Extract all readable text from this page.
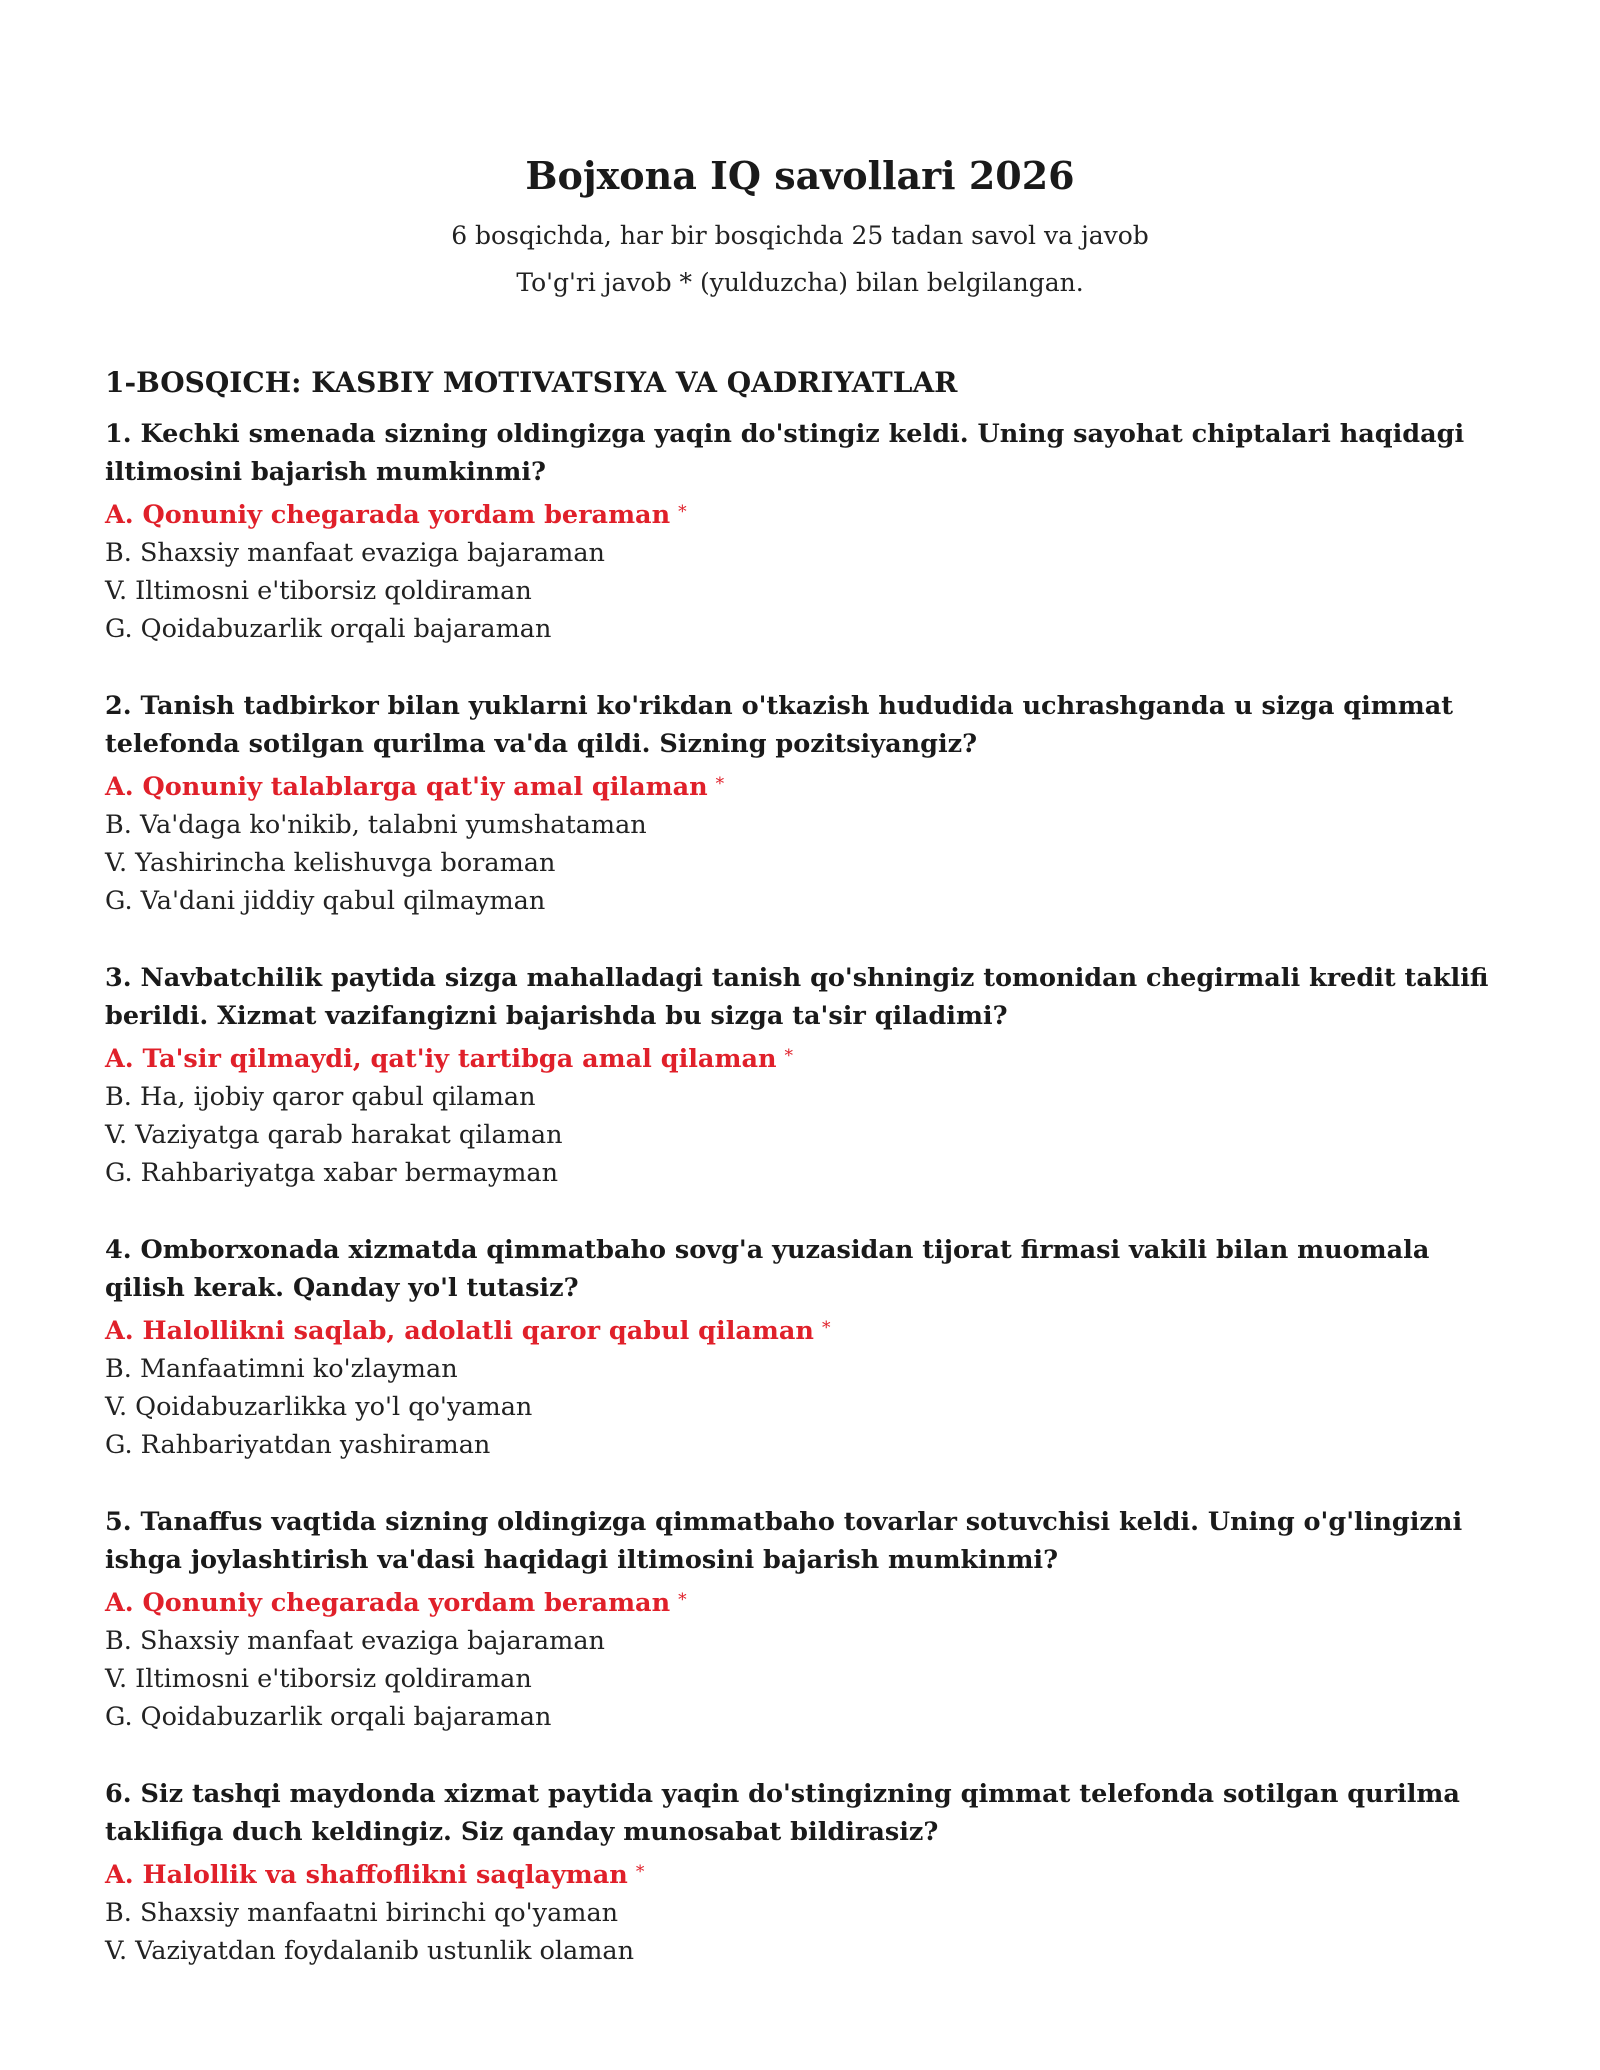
Bojxona IQ savollari 2026
6 bosqichda, har bir bosqichda 25 tadan savol va javob
To'g'ri javob * (yulduzcha) bilan belgilangan.
1-BOSQICH: KASBIY MOTIVATSIYA VA QADRIYATLAR
1. Kechki smenada sizning oldingizga yaqin do'stingiz keldi. Uning sayohat chiptalari haqidagi iltimosini bajarish mumkinmi?
A. Qonuniy chegarada yordam beraman *
B. Shaxsiy manfaat evaziga bajaraman
V. Iltimosni e'tiborsiz qoldiraman
G. Qoidabuzarlik orqali bajaraman
2. Tanish tadbirkor bilan yuklarni ko'rikdan o'tkazish hududida uchrashganda u sizga qimmat telefonda sotilgan qurilma va'da qildi. Sizning pozitsiyangiz?
A. Qonuniy talablarga qat'iy amal qilaman *
B. Va'daga ko'nikib, talabni yumshataman
V. Yashirincha kelishuvga boraman
G. Va'dani jiddiy qabul qilmayman
3. Navbatchilik paytida sizga mahalladagi tanish qo'shningiz tomonidan chegirmali kredit taklifi berildi. Xizmat vazifangizni bajarishda bu sizga ta'sir qiladimi?
A. Ta'sir qilmaydi, qat'iy tartibga amal qilaman *
B. Ha, ijobiy qaror qabul qilaman
V. Vaziyatga qarab harakat qilaman
G. Rahbariyatga xabar bermayman
4. Omborxonada xizmatda qimmatbaho sovg'a yuzasidan tijorat firmasi vakili bilan muomala qilish kerak. Qanday yo'l tutasiz?
A. Halollikni saqlab, adolatli qaror qabul qilaman *
B. Manfaatimni ko'zlayman
V. Qoidabuzarlikka yo'l qo'yaman
G. Rahbariyatdan yashiraman
5. Tanaffus vaqtida sizning oldingizga qimmatbaho tovarlar sotuvchisi keldi. Uning o'g'lingizni ishga joylashtirish va'dasi haqidagi iltimosini bajarish mumkinmi?
A. Qonuniy chegarada yordam beraman *
B. Shaxsiy manfaat evaziga bajaraman
V. Iltimosni e'tiborsiz qoldiraman
G. Qoidabuzarlik orqali bajaraman
6. Siz tashqi maydonda xizmat paytida yaqin do'stingizning qimmat telefonda sotilgan qurilma taklifiga duch keldingiz. Siz qanday munosabat bildirasiz?
A. Halollik va shaffoflikni saqlayman *
B. Shaxsiy manfaatni birinchi qo'yaman
V. Vaziyatdan foydalanib ustunlik olaman
